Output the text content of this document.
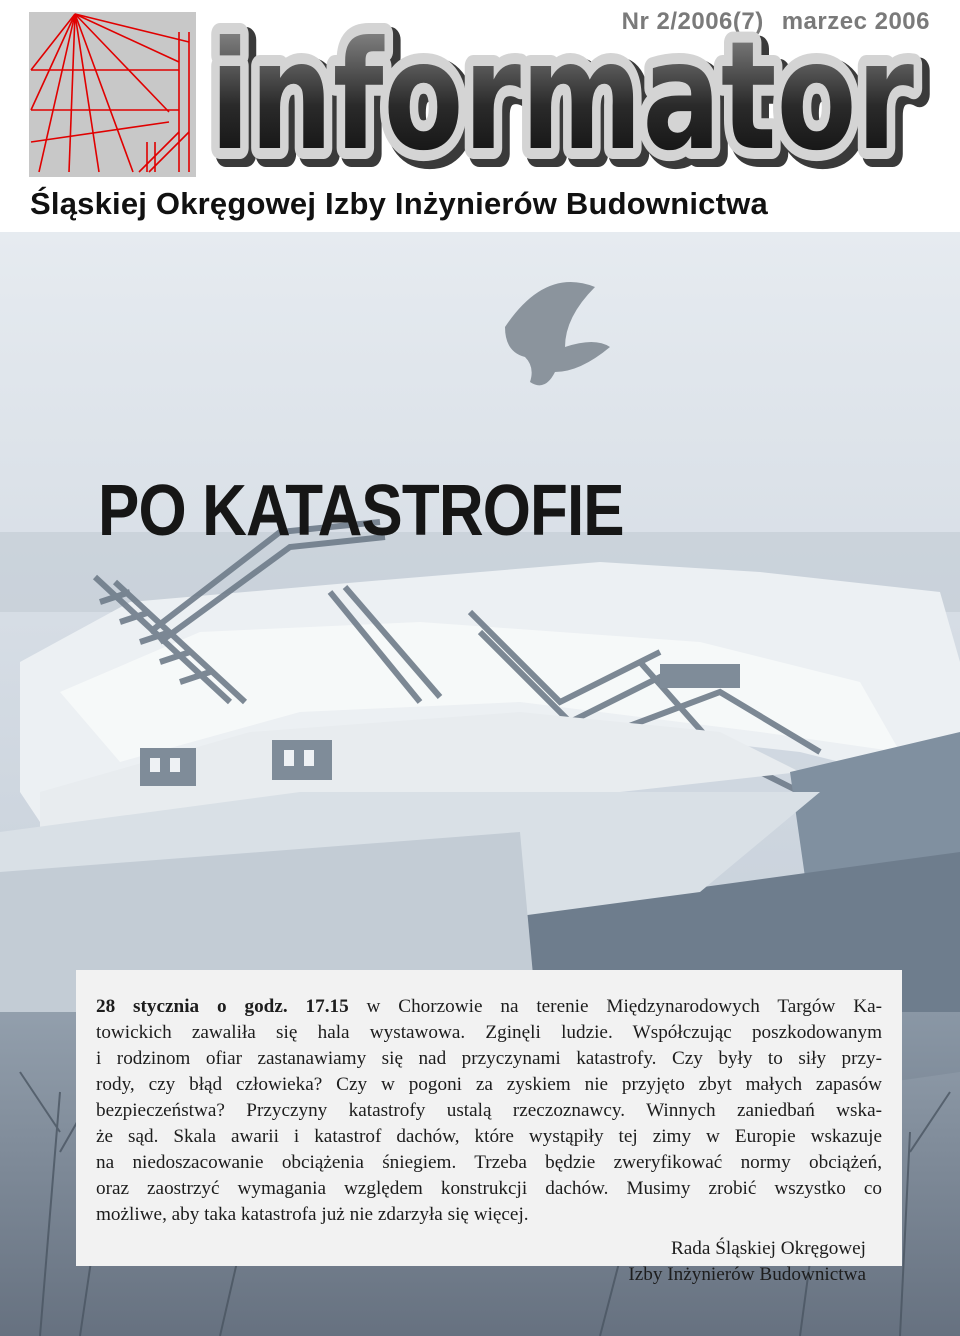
Nr 2/2006(7) marzec 2006
informator
informator
informator
Śląskiej Okręgowej Izby Inżynierów Budownictwa
PO KATASTROFIE
28 stycznia o godz. 17.15 w Chorzowie na terenie Międzynarodowych Targów Ka-
towickich zawaliła się hala wystawowa. Zginęli ludzie. Współczując poszkodowanym
i rodzinom ofiar zastanawiamy się nad przyczynami katastrofy. Czy były to siły przy-
rody, czy błąd człowieka? Czy w pogoni za zyskiem nie przyjęto zbyt małych zapasów
bezpieczeństwa? Przyczyny katastrofy ustalą rzeczoznawcy. Winnych zaniedbań wska-
że sąd. Skala awarii i katastrof dachów, które wystąpiły tej zimy w Europie wskazuje
na niedoszacowanie obciążenia śniegiem. Trzeba będzie zweryfikować normy obciążeń,
oraz zaostrzyć wymagania względem konstrukcji dachów. Musimy zrobić wszystko co
możliwe, aby taka katastrofa już nie zdarzyła się więcej.
Rada Śląskiej Okręgowej
Izby Inżynierów Budownictwa
